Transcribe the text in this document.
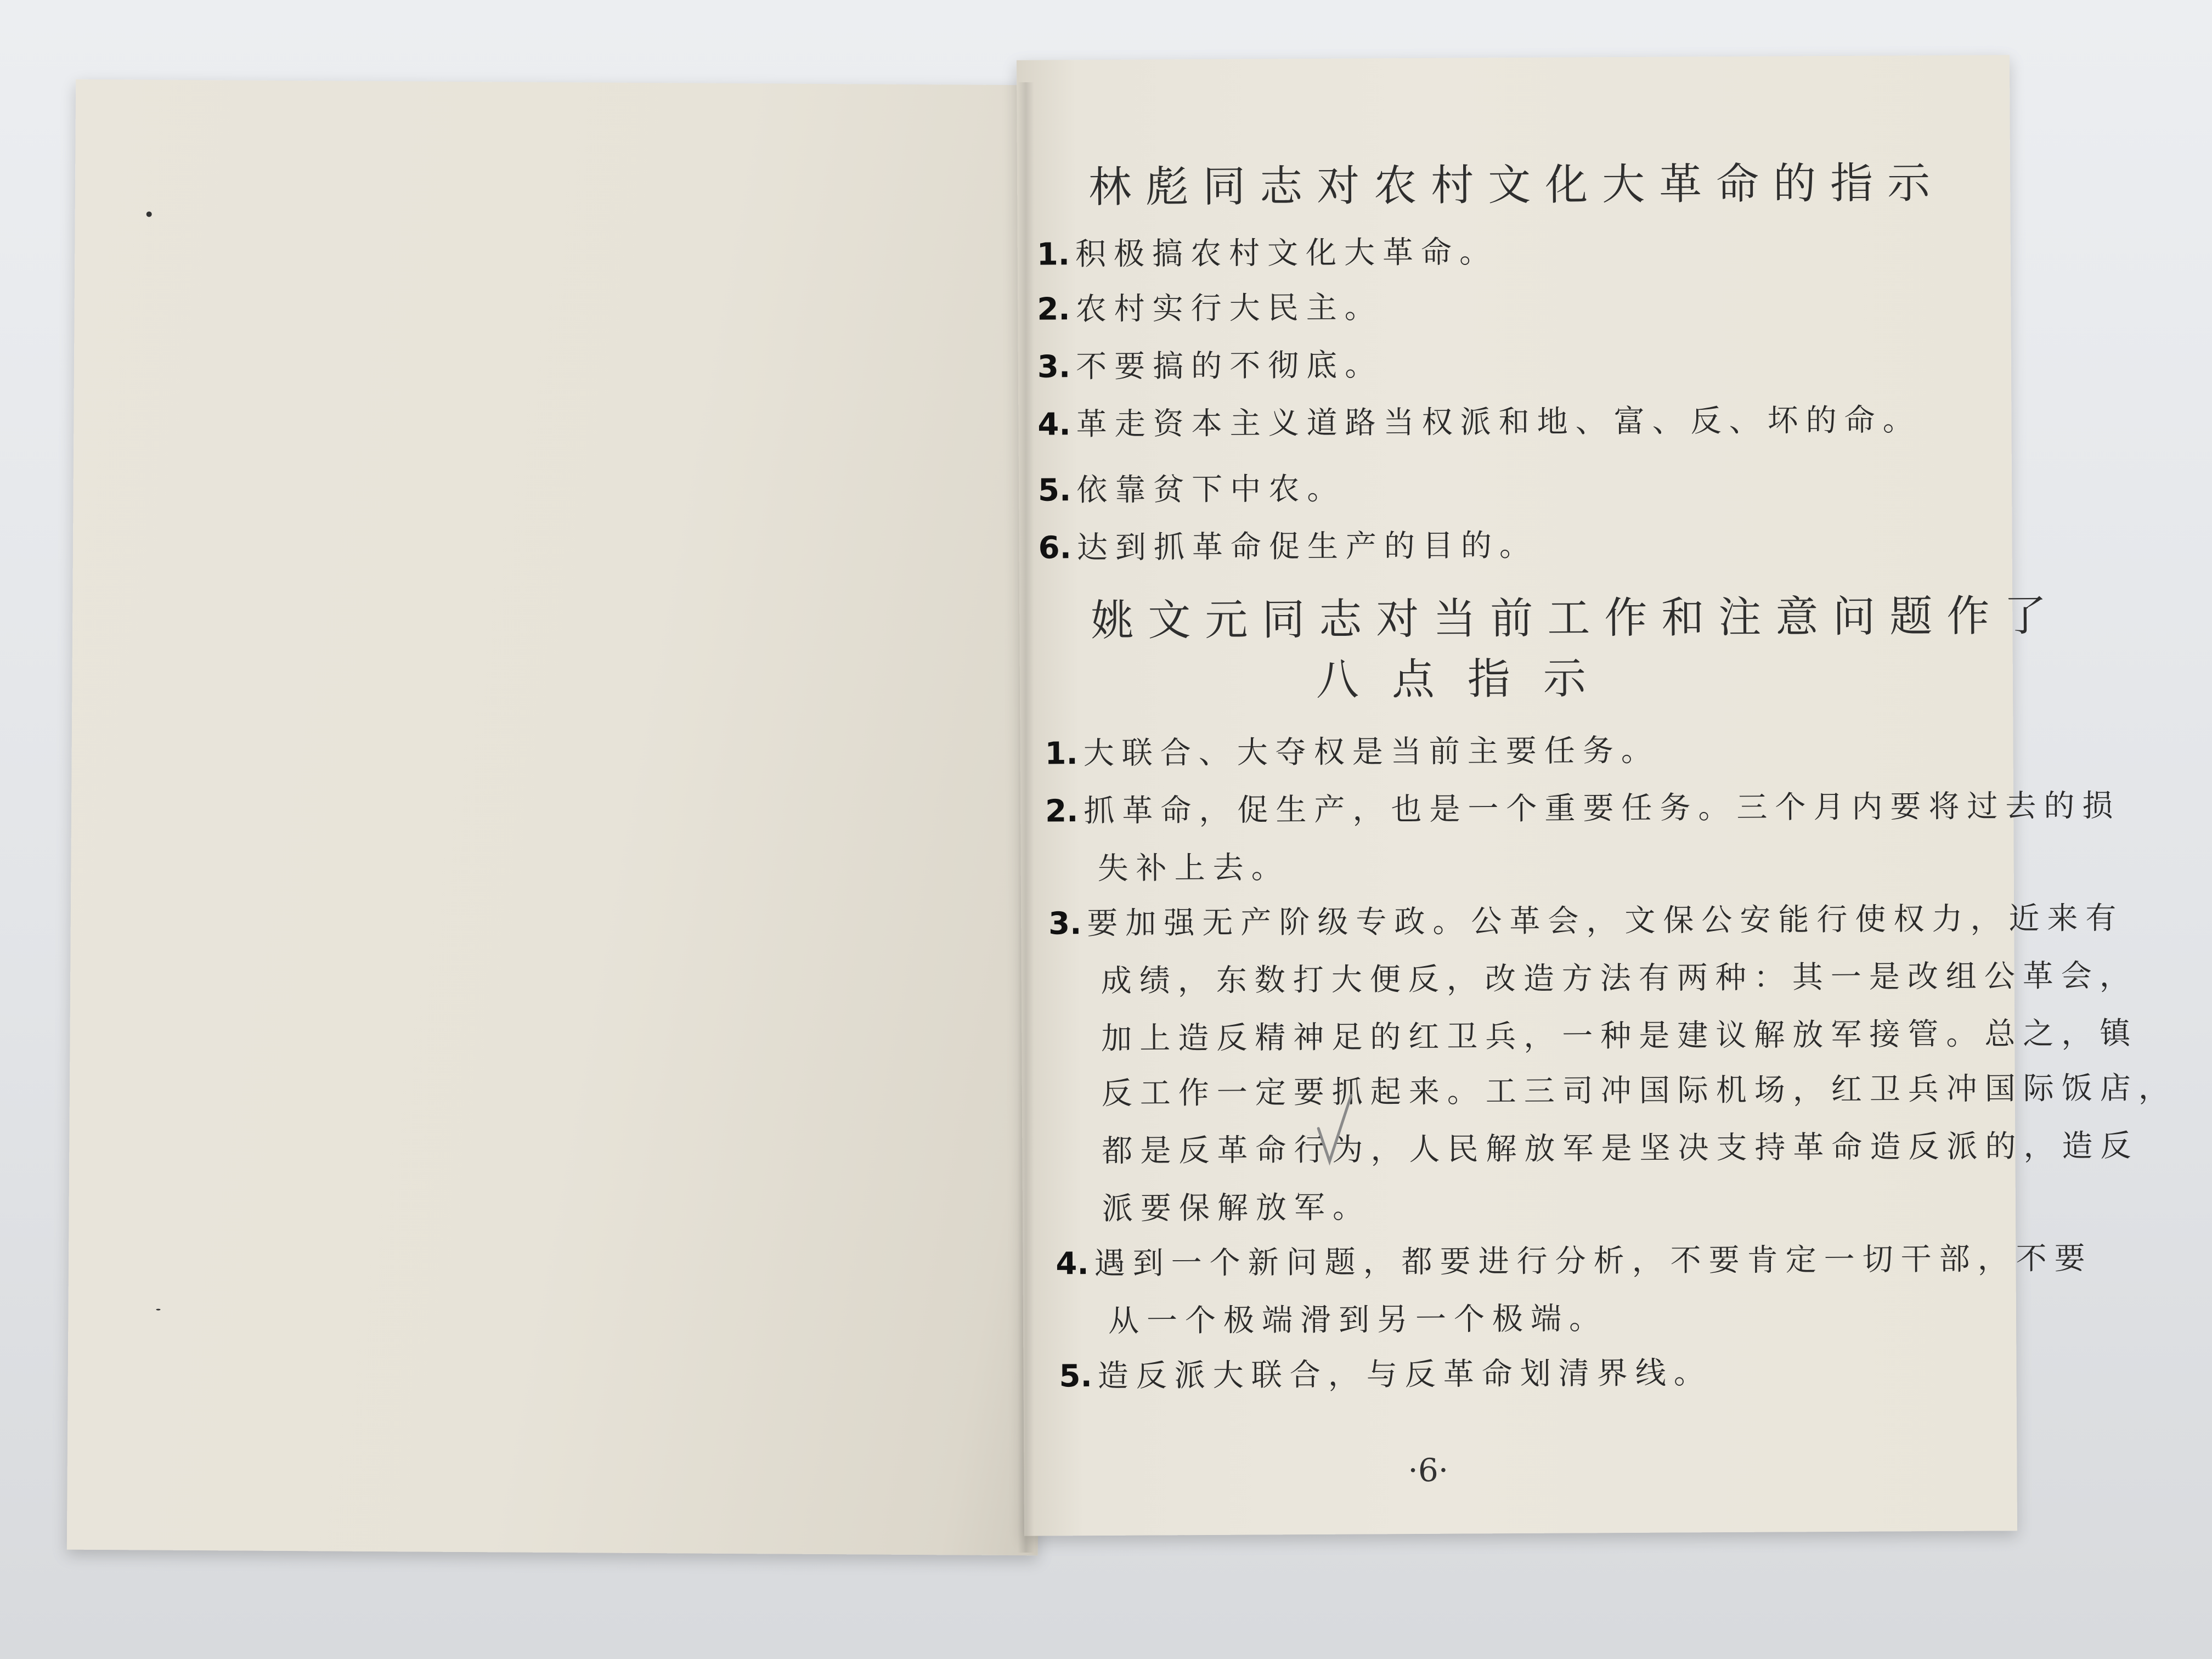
林彪同志对农村文化大革命的指示
1. 积极搞农村文化大革命。
2. 农村实行大民主。
3. 不要搞的不彻底。
4. 革走资本主义道路当权派和地、富、反、坏的命。
5. 依靠贫下中农。
6. 达到抓革命促生产的目的。
姚文元同志对当前工作和注意问题作了
八点指示
1. 大联合、大夺权是当前主要任务。
2. 抓革命，促生产，也是一个重要任务。三个月内要将过去的损
失补上去。
3. 要加强无产阶级专政。公革会，文保公安能行使权力，近来有
成绩，东数打大便反，改造方法有两种：其一是改组公革会，
加上造反精神足的红卫兵，一种是建议解放军接管。总之，镇
反工作一定要抓起来。工三司冲国际机场，红卫兵冲国际饭店，
都是反革命行为，人民解放军是坚决支持革命造反派的，造反
派要保解放军。
4. 遇到一个新问题，都要进行分析，不要肯定一切干部，不要
从一个极端滑到另一个极端。
5. 造反派大联合，与反革命划清界线。
·6·
